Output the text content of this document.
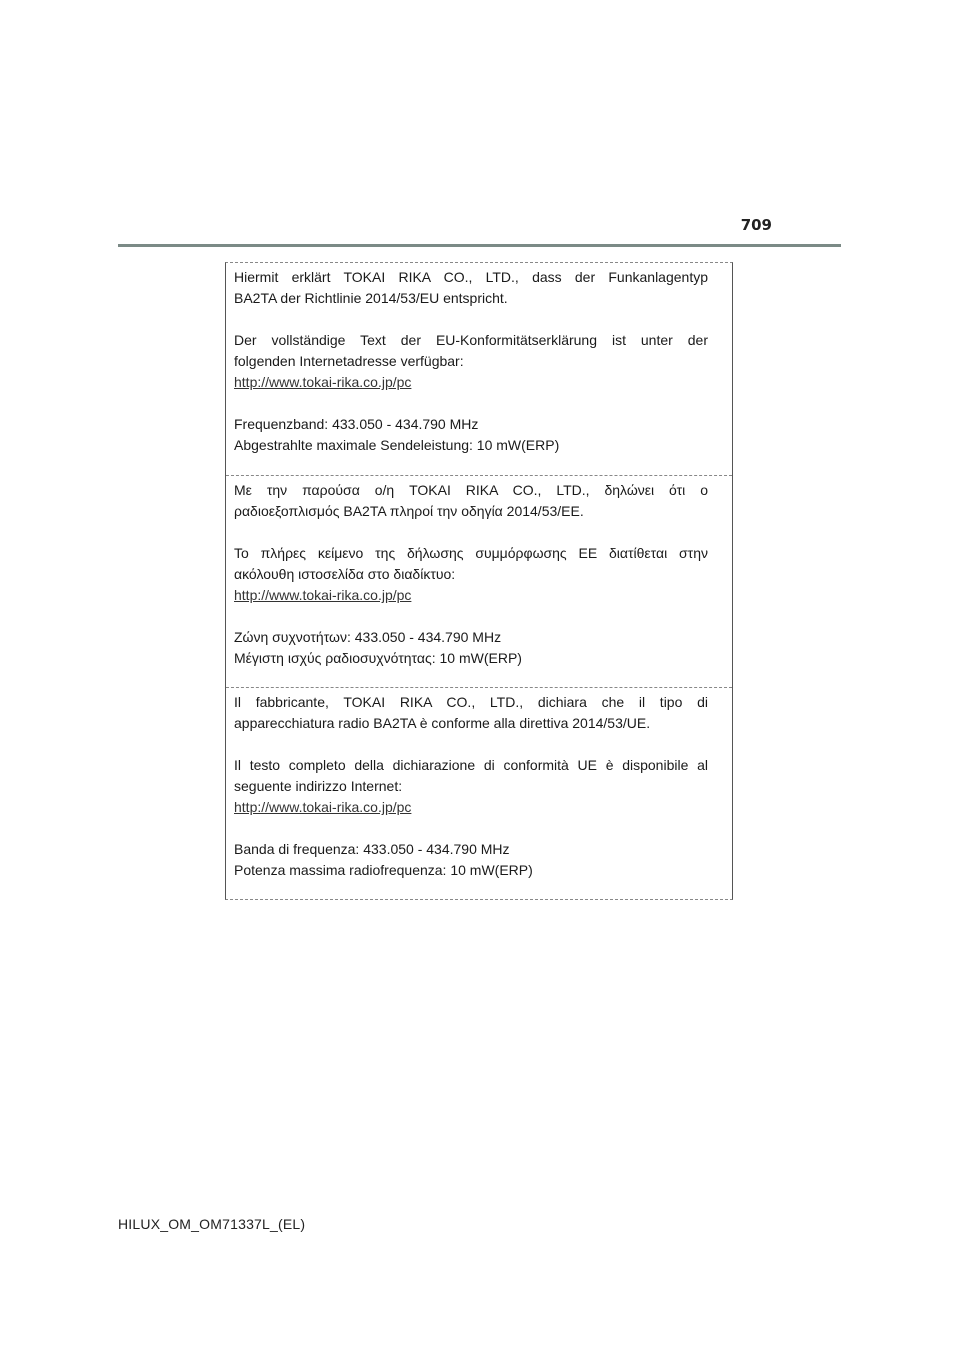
709

Hiermit erklärt TOKAI RIKA CO., LTD., dass der Funkanlagentyp
BA2TA der Richtlinie 2014/53/EU entspricht.

Der vollständige Text der EU-Konformitätserklärung ist unter der
folgenden Internetadresse verfügbar:

http://www.tokai-rika.co.jp/pc

Frequenzband: 433.050 - 434.790 MHz
Abgestrahlte maximale Sendeleistung: 10 mW(ERP)

Με την παρούσα ο/η TOKAI RIKA CO., LTD., δηλώνει ότι ο
ραδιοεξοπλισμός BA2TA πληροί την οδηγία 2014/53/ΕΕ.

Το πλήρες κείμενο της δήλωσης συμμόρφωσης ΕΕ διατίθεται στην
ακόλουθη ιστοσελίδα στο διαδίκτυο:

http://www.tokai-rika.co.jp/pc

Ζώνη συχνοτήτων: 433.050 - 434.790 MHz
Μέγιστη ισχύς ραδιοσυχνότητας: 10 mW(ERP)

Il fabbricante, TOKAI RIKA CO., LTD., dichiara che il tipo di
apparecchiatura radio BA2TA è conforme alla direttiva 2014/53/UE.

Il testo completo della dichiarazione di conformità UE è disponibile al
seguente indirizzo Internet:

http://www.tokai-rika.co.jp/pc

Banda di frequenza: 433.050 - 434.790 MHz
Potenza massima radiofrequenza: 10 mW(ERP)

HILUX_OM_OM71337L_(EL)
